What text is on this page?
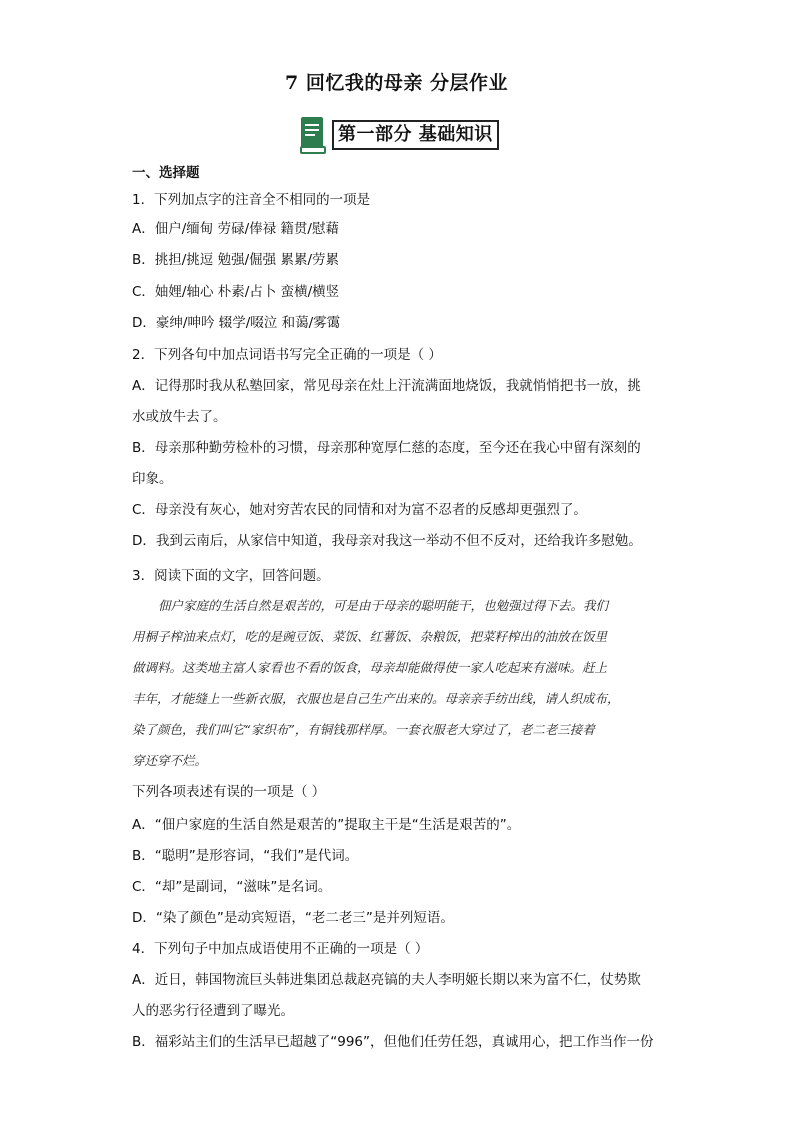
7 回忆我的母亲 分层作业
第一部分 基础知识
一、选择题
1．下列加点字的注音全不相同的一项是
A．佃户/缅甸 劳碌/俸禄 籍贯/慰藉
B．挑担/挑逗 勉强/倔强 累累/劳累
C．妯娌/轴心 朴素/占卜 蛮横/横竖
D．豪绅/呻吟 辍学/啜泣 和蔼/雾霭
2．下列各句中加点词语书写完全正确的一项是（ ）
A．记得那时我从私塾回家，常见母亲在灶上汗流满面地烧饭，我就悄悄把书一放，挑
水或放牛去了。
B．母亲那种勤劳检朴的习惯，母亲那种宽厚仁慈的态度，至今还在我心中留有深刻的
印象。
C．母亲没有灰心，她对穷苦农民的同情和对为富不忍者的反感却更强烈了。
D．我到云南后，从家信中知道，我母亲对我这一举动不但不反对，还给我许多慰勉。
3．阅读下面的文字，回答问题。
佃户家庭的生活自然是艰苦的，可是由于母亲的聪明能干，也勉强过得下去。我们
用桐子榨油来点灯，吃的是豌豆饭、菜饭、红薯饭、杂粮饭，把菜籽榨出的油放在饭里
做调料。这类地主富人家看也不看的饭食，母亲却能做得使一家人吃起来有滋味。赶上
丰年，才能缝上一些新衣服，衣服也是自己生产出来的。母亲亲手纺出线，请人织成布，
染了颜色，我们叫它“家织布”，有铜钱那样厚。一套衣服老大穿过了，老二老三接着
穿还穿不烂。
下列各项表述有误的一项是（ ）
A．“佃户家庭的生活自然是艰苦的”提取主干是“生活是艰苦的”。
B．“聪明”是形容词，“我们”是代词。
C．“却”是副词，“滋味”是名词。
D．“染了颜色”是动宾短语，“老二老三”是并列短语。
4．下列句子中加点成语使用不正确的一项是（ ）
A．近日，韩国物流巨头韩进集团总裁赵亮镐的夫人李明姬长期以来为富不仁，仗势欺
人的恶劣行径遭到了曝光。
B．福彩站主们的生活早已超越了“996”，但他们任劳任怨，真诚用心，把工作当作一份
